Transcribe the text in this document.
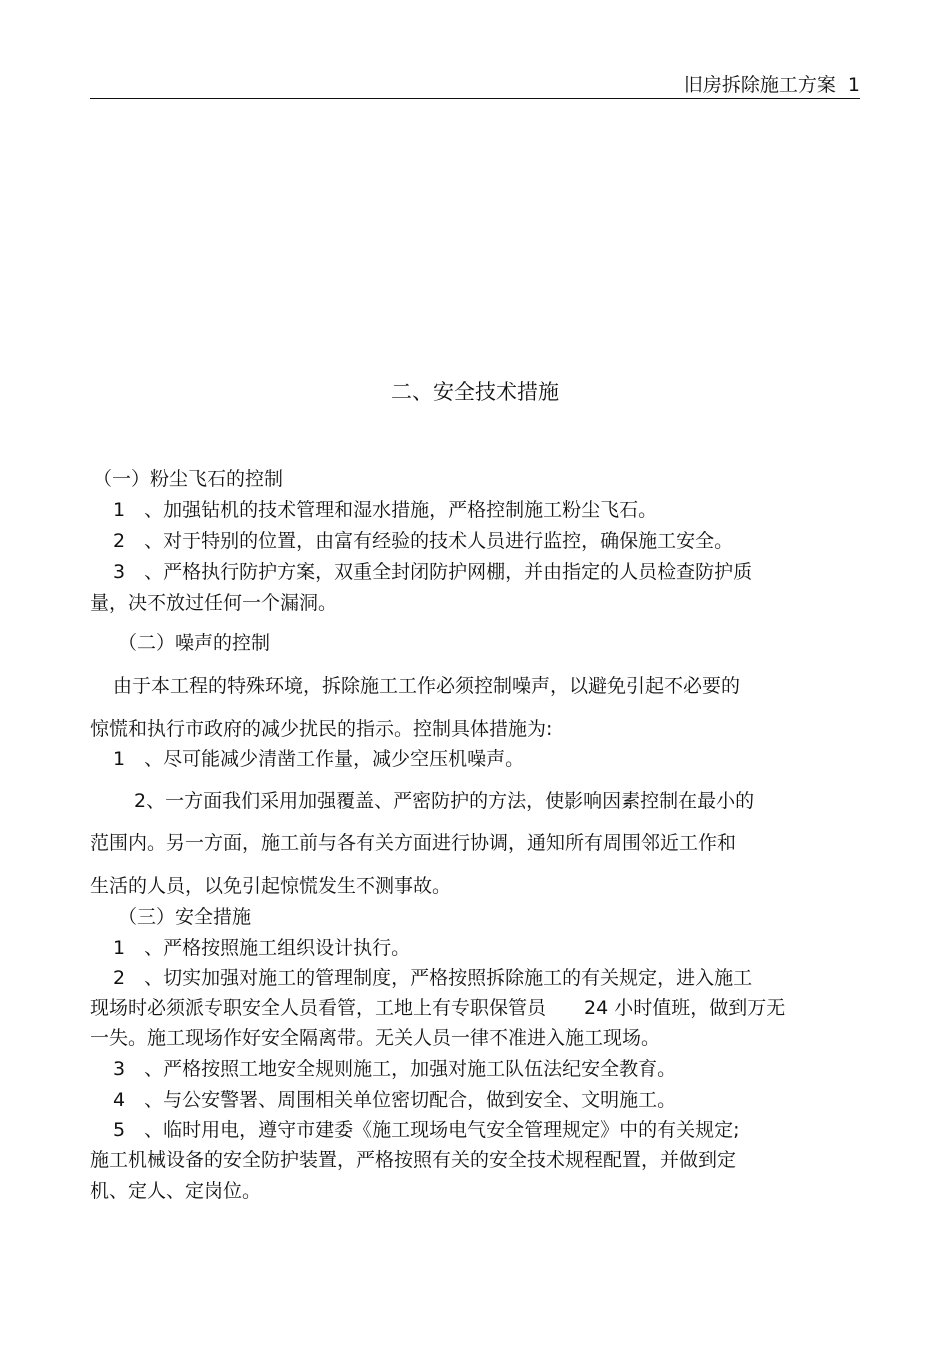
旧房拆除施工方案 1
二、安全技术措施
（一）粉尘飞石的控制
1　、加强钻机的技术管理和湿水措施，严格控制施工粉尘飞石。
2　、对于特别的位置，由富有经验的技术人员进行监控，确保施工安全。
3　、严格执行防护方案，双重全封闭防护网棚，并由指定的人员检查防护质
量，决不放过任何一个漏洞。
（二）噪声的控制
由于本工程的特殊环境，拆除施工工作必须控制噪声，以避免引起不必要的
惊慌和执行市政府的减少扰民的指示。控制具体措施为:
1　、尽可能减少清凿工作量，减少空压机噪声。
2、一方面我们采用加强覆盖、严密防护的方法，使影响因素控制在最小的
范围内。另一方面，施工前与各有关方面进行协调，通知所有周围邻近工作和
生活的人员，以免引起惊慌发生不测事故。
（三）安全措施
1　、严格按照施工组织设计执行。
2　、切实加强对施工的管理制度，严格按照拆除施工的有关规定，进入施工
现场时必须派专职安全人员看管，工地上有专职保管员　　24 小时值班，做到万无
一失。施工现场作好安全隔离带。无关人员一律不准进入施工现场。
3　、严格按照工地安全规则施工，加强对施工队伍法纪安全教育。
4　、与公安警署、周围相关单位密切配合，做到安全、文明施工。
5　、临时用电，遵守市建委《施工现场电气安全管理规定》中的有关规定;
施工机械设备的安全防护装置，严格按照有关的安全技术规程配置，并做到定
机、定人、定岗位。
